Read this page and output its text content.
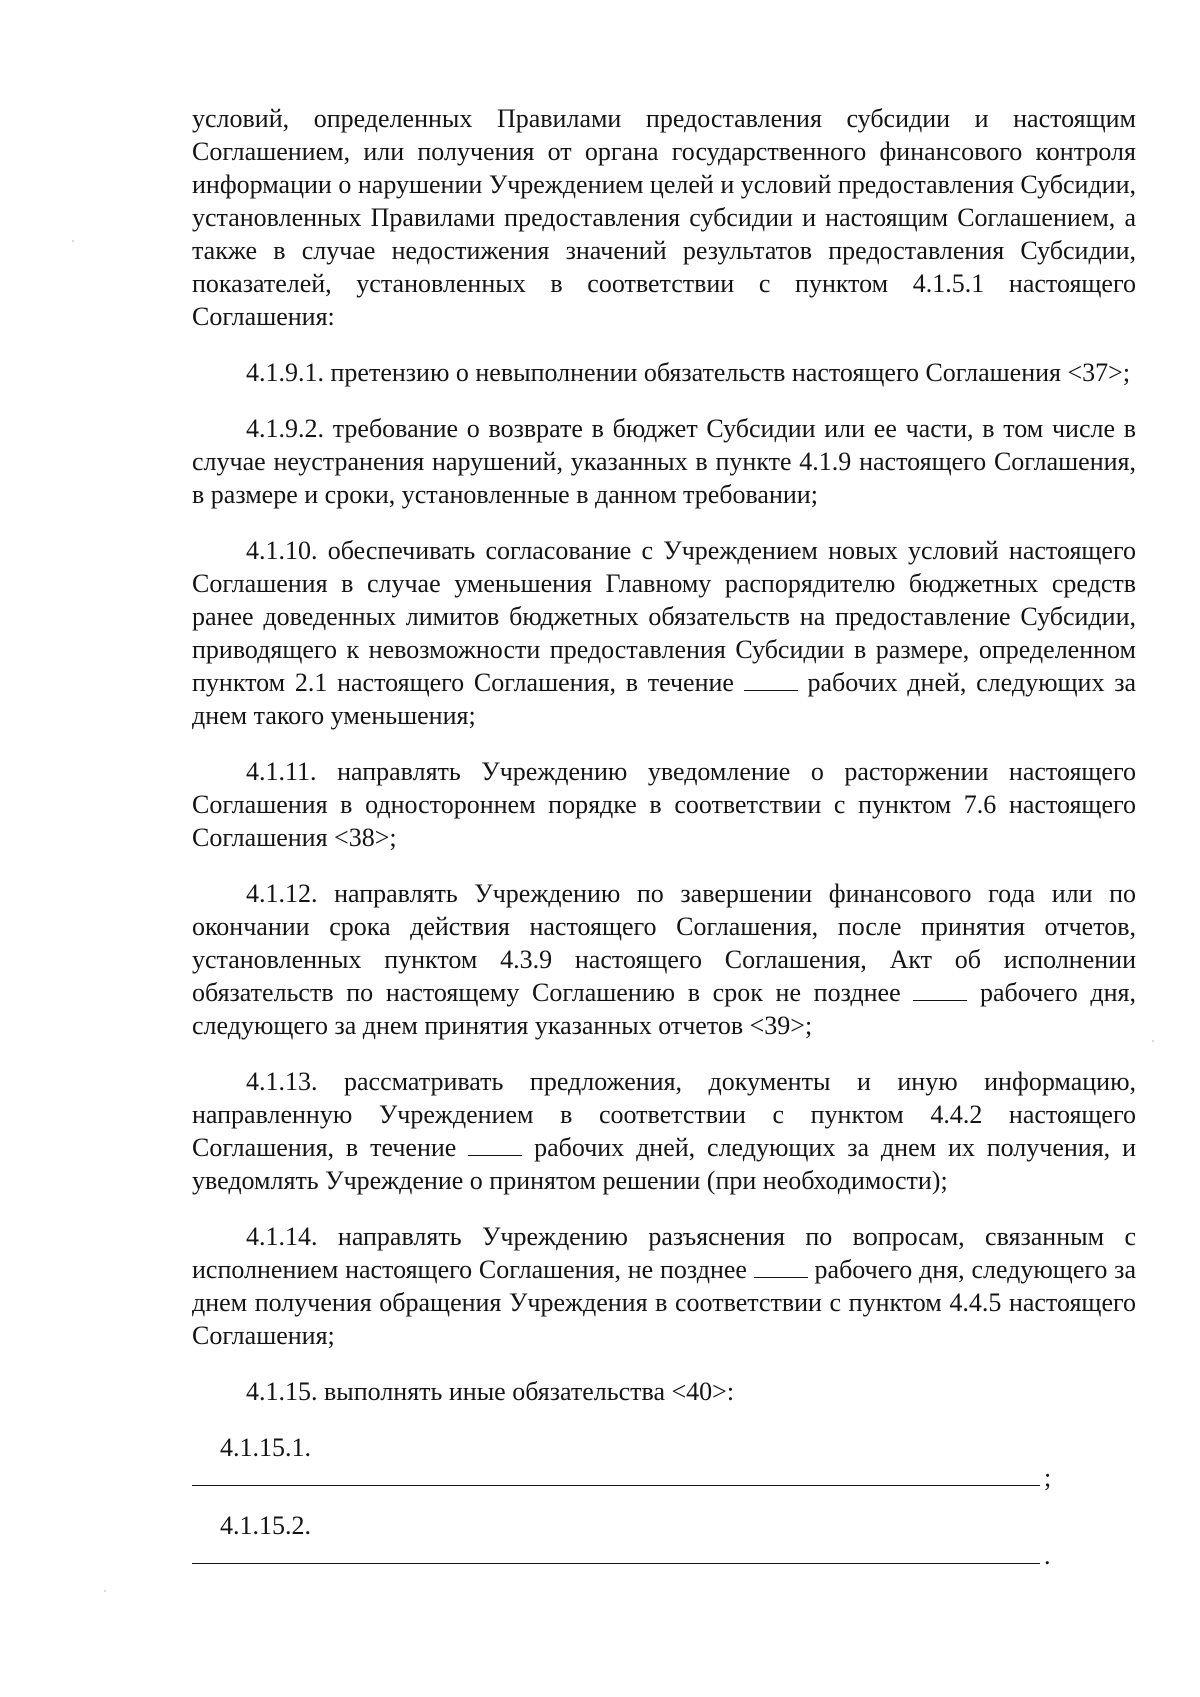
условий, определенных Правилами предоставления субсидии и настоящим Соглашением, или получения от органа государственного финансового контроля информации о нарушении Учреждением целей и условий предоставления Субсидии, установленных Правилами предоставления субсидии и настоящим Соглашением, а также в случае недостижения значений результатов предоставления Субсидии, показателей, установленных в соответствии с пунктом 4.1.5.1 настоящего Соглашения:

4.1.9.1. претензию о невыполнении обязательств настоящего Соглашения <37>;

4.1.9.2. требование о возврате в бюджет Субсидии или ее части, в том числе в случае неустранения нарушений, указанных в пункте 4.1.9 настоящего Соглашения, в размере и сроки, установленные в данном требовании;

4.1.10. обеспечивать согласование с Учреждением новых условий настоящего Соглашения в случае уменьшения Главному распорядителю бюджетных средств ранее доведенных лимитов бюджетных обязательств на предоставление Субсидии, приводящего к невозможности предоставления Субсидии в размере, определенном пунктом 2.1 настоящего Соглашения, в течение  рабочих дней, следующих за днем такого уменьшения;

4.1.11. направлять Учреждению уведомление о расторжении настоящего Соглашения в одностороннем порядке в соответствии с пунктом 7.6 настоящего Соглашения <38>;

4.1.12. направлять Учреждению по завершении финансового года или по окончании срока действия настоящего Соглашения, после принятия отчетов, установленных пунктом 4.3.9 настоящего Соглашения, Акт об исполнении обязательств по настоящему Соглашению в срок не позднее  рабочего дня, следующего за днем принятия указанных отчетов <39>;

4.1.13. рассматривать предложения, документы и иную информацию, направленную Учреждением в соответствии с пунктом 4.4.2 настоящего Соглашения, в течение  рабочих дней, следующих за днем их получения, и уведомлять Учреждение о принятом решении (при необходимости);

4.1.14. направлять Учреждению разъяснения по вопросам, связанным с исполнением настоящего Соглашения, не позднее  рабочего дня, следующего за днем получения обращения Учреждения в соответствии с пунктом 4.4.5 настоящего Соглашения;

4.1.15. выполнять иные обязательства <40>:

4.1.15.1.
;
4.1.15.2.
.
